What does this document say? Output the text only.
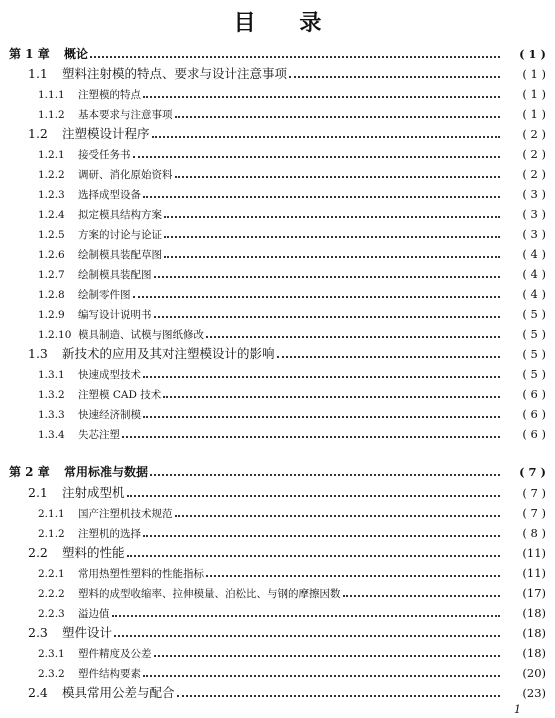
目 录
第 1 章	概论	( 1 )
1.1	塑料注射模的特点、要求与设计注意事项	( 1 )
1.1.1	注塑模的特点	( 1 )
1.1.2	基本要求与注意事项	( 1 )
1.2	注塑模设计程序	( 2 )
1.2.1	接受任务书	( 2 )
1.2.2	调研、消化原始资料	( 2 )
1.2.3	选择成型设备	( 3 )
1.2.4	拟定模具结构方案	( 3 )
1.2.5	方案的讨论与论证	( 3 )
1.2.6	绘制模具装配草图	( 4 )
1.2.7	绘制模具装配图	( 4 )
1.2.8	绘制零件图	( 4 )
1.2.9	编写设计说明书	( 5 )
1.2.10 模具制造、试模与图纸修改	( 5 )
1.3	新技术的应用及其对注塑模设计的影响	( 5 )
1.3.1	快速成型技术	( 5 )
1.3.2	注塑模 CAD 技术	( 6 )
1.3.3	快速经济制模	( 6 )
1.3.4	失芯注塑	( 6 )
第 2 章	常用标准与数据	( 7 )
2.1	注射成型机	( 7 )
2.1.1	国产注塑机技术规范	( 7 )
2.1.2	注塑机的选择	( 8 )
2.2	塑料的性能	(11)
2.2.1	常用热塑性塑料的性能指标	(11)
2.2.2	塑料的成型收缩率、拉伸模量、泊松比、与钢的摩擦因数	(17)
2.2.3	溢边值	(18)
2.3	塑件设计	(18)
2.3.1	塑件精度及公差	(18)
2.3.2	塑件结构要素	(20)
2.4	模具常用公差与配合	(23)
1
